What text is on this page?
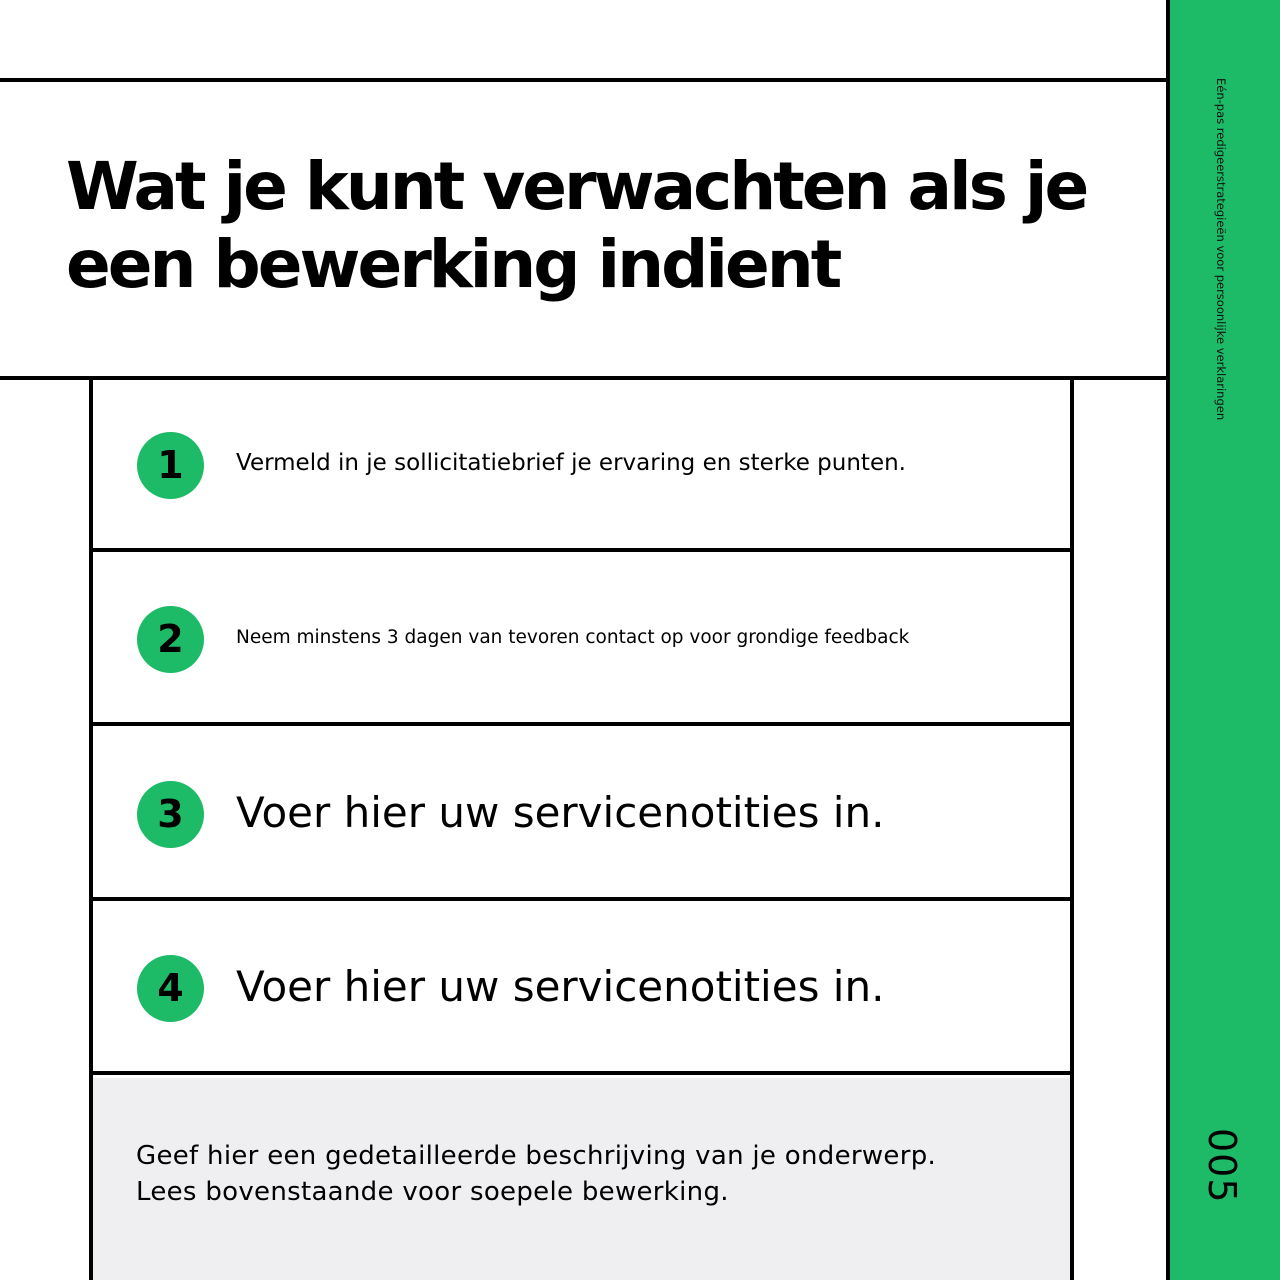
Wat je kunt verwachten als je een bewerking indient	Eén-pas redigeerstrategieën voor persoonlijke verklaringen
005
1	Vermeld in je sollicitatiebrief je ervaring en sterke punten.
2	Neem minstens 3 dagen van tevoren contact op voor grondige feedback
3	Voer hier uw servicenotities in.
4	Voer hier uw servicenotities in.

Geef hier een gedetailleerde beschrijving van je onderwerp.
Lees bovenstaande voor soepele bewerking.
